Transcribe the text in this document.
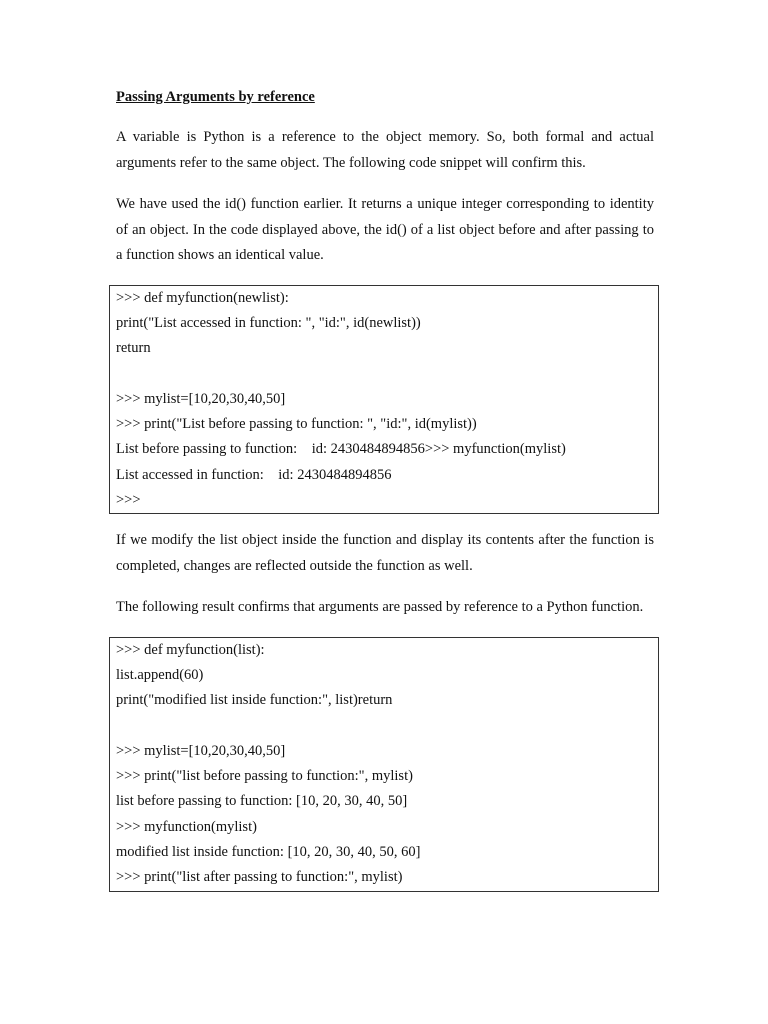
Passing Arguments by reference

A variable is Python is a reference to the object memory. So, both formal and actual arguments refer to the same object. The following code snippet will confirm this.

We have used the id() function earlier. It returns a unique integer corresponding to identity of an object. In the code displayed above, the id() of a list object before and after passing to a function shows an identical value.

>>> def myfunction(newlist):
print("List accessed in function: ", "id:", id(newlist))
return
>>> mylist=[10,20,30,40,50]
>>> print("List before passing to function: ", "id:", id(mylist))
List before passing to function:    id: 2430484894856>>> myfunction(mylist)
List accessed in function:    id: 2430484894856
>>>

If we modify the list object inside the function and display its contents after the function is completed, changes are reflected outside the function as well.

The following result confirms that arguments are passed by reference to a Python function.

>>> def myfunction(list):
list.append(60)
print("modified list inside function:", list)return
>>> mylist=[10,20,30,40,50]
>>> print("list before passing to function:", mylist)
list before passing to function: [10, 20, 30, 40, 50]
>>> myfunction(mylist)
modified list inside function: [10, 20, 30, 40, 50, 60]
>>> print("list after passing to function:", mylist)
